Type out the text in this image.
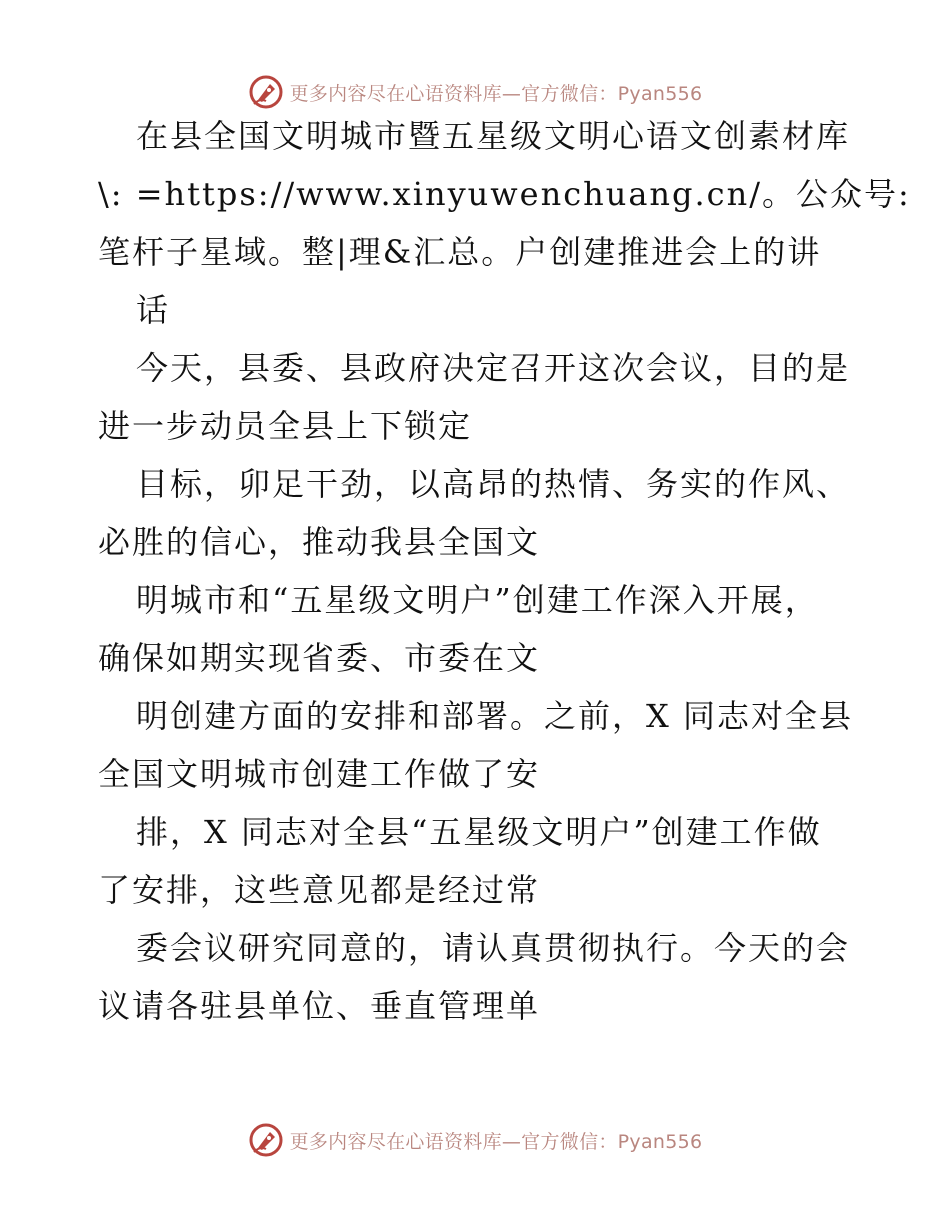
更多内容尽在心语资料库—官方微信：Pyan556
在县全国文明城市暨五星级文明心语文创素材库
\: =https://www.xinyuwenchuang.cn/。公众号:
笔杆子星域。整|理&汇总。户创建推进会上的讲
话
今天，县委、县政府决定召开这次会议，目的是
进一步动员全县上下锁定
目标，卯足干劲，以高昂的热情、务实的作风、
必胜的信心，推动我县全国文
明城市和“五星级文明户”创建工作深入开展，
确保如期实现省委、市委在文
明创建方面的安排和部署。之前，X 同志对全县
全国文明城市创建工作做了安
排，X 同志对全县“五星级文明户”创建工作做
了安排，这些意见都是经过常
委会议研究同意的，请认真贯彻执行。今天的会
议请各驻县单位、垂直管理单
更多内容尽在心语资料库—官方微信：Pyan556
